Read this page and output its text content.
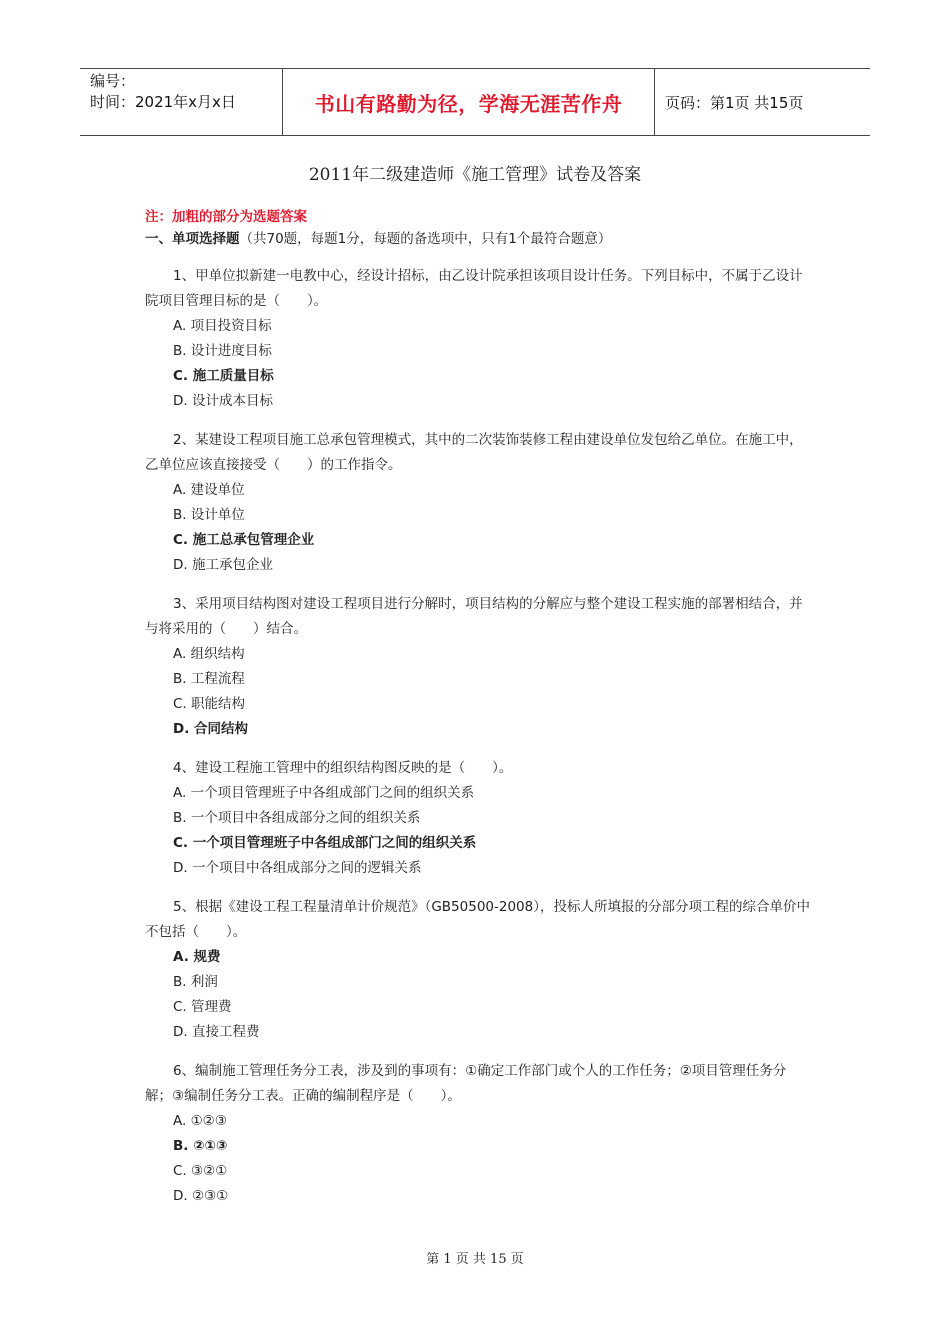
编号：
时间：2021年x月x日	书山有路勤为径，学海无涯苦作舟	页码：第1页 共15页
2011年二级建造师《施工管理》试卷及答案
注：加粗的部分为选题答案
一、单项选择题（共70题，每题1分，每题的备选项中，只有1个最符合题意）
1、甲单位拟新建一电教中心，经设计招标，由乙设计院承担该项目设计任务。下列目标中，不属于乙设计院项目管理目标的是（　　）。
A. 项目投资目标
B. 设计进度目标
C. 施工质量目标
D. 设计成本目标
2、某建设工程项目施工总承包管理模式，其中的二次装饰装修工程由建设单位发包给乙单位。在施工中，乙单位应该直接接受（　　）的工作指令。
A. 建设单位
B. 设计单位
C. 施工总承包管理企业
D. 施工承包企业
3、采用项目结构图对建设工程项目进行分解时，项目结构的分解应与整个建设工程实施的部署相结合，并与将采用的（　　）结合。
A. 组织结构
B. 工程流程
C. 职能结构
D. 合同结构
4、建设工程施工管理中的组织结构图反映的是（　　）。
A. 一个项目管理班子中各组成部门之间的组织关系
B. 一个项目中各组成部分之间的组织关系
C. 一个项目管理班子中各组成部门之间的组织关系
D. 一个项目中各组成部分之间的逻辑关系
5、根据《建设工程工程量清单计价规范》（GB50500-2008），投标人所填报的分部分项工程的综合单价中不包括（　　）。
A. 规费
B. 利润
C. 管理费
D. 直接工程费
6、编制施工管理任务分工表，涉及到的事项有：①确定工作部门或个人的工作任务；②项目管理任务分解；③编制任务分工表。正确的编制程序是（　　）。
A. ①②③
B. ②①③
C. ③②①
D. ②③①
第 1 页 共 15 页
